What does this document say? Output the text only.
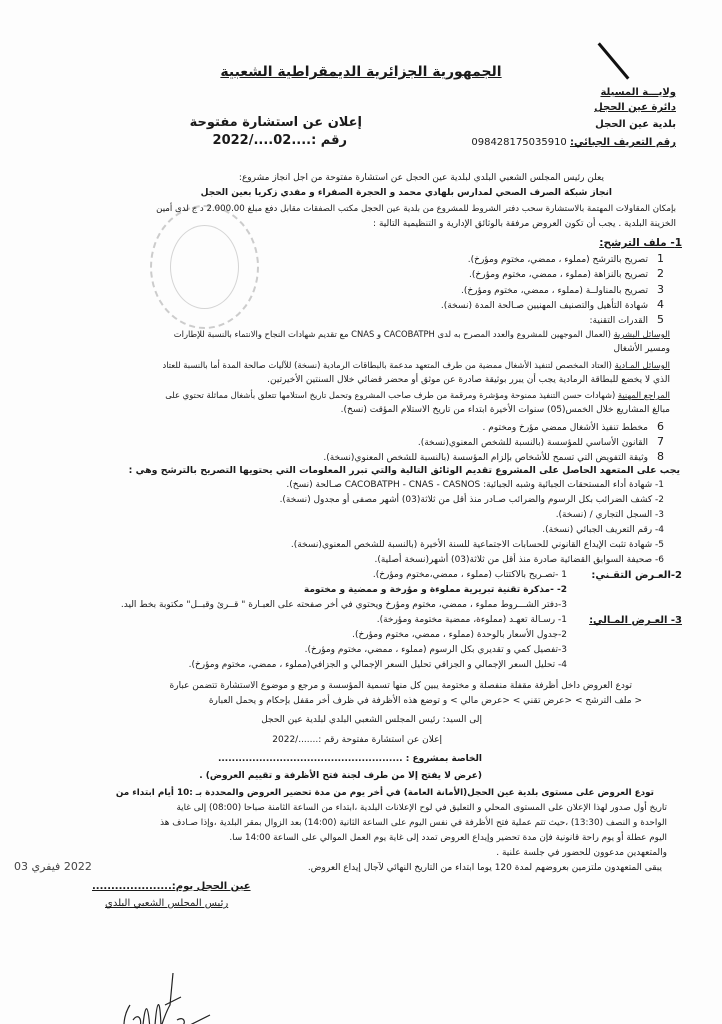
الجمهورية الجزائرية الديمقراطية الشعبية
ولايـــة المسيلة
دائرة عين الحجل
بلدية عين الحجل
رقم التعريف الجبائي: 098428175035910
إعلان عن استشارة مفتوحة
رقم :....02..../2022
يعلن رئيس المجلس الشعبي البلدي لبلدية عين الحجل عن استشارة مفتوحة من اجل انجاز مشروع:
انجاز شبكة الصرف الصحي لمدارس بلهادي محمد و الحجرة الصفراء و مفدي زكريا بعين الحجل
بإمكان المقاولات المهتمة بالاستشارة سحب دفتر الشروط للمشروع من بلدية عين الحجل مكتب الصفقات مقابل دفع مبلغ 2.000.00 د ج لدى أمين
الخزينة البلدية . يجب أن تكون العروض مرفقة بالوثائق الإدارية و التنظيمية التالية :
1- ملف الترشح:
1تصريح بالترشح (مملوء ، ممضي، مختوم ومؤرخ).
2تصريح بالنزاهة (مملوء ، ممضي، مختوم ومؤرخ).
3تصريح بالمناولــة (مملوء ، ممضي، مختوم ومؤرخ).
4شهادة التأهيل والتصنيف المهنيين صـالحة المدة (نسخة).
5القدرات التقنية:
الوسائل البشرية (العمال الموجهين للمشروع والعدد المصرح به لدى CACOBATPH و CNAS مع تقديم شهادات النجاح والانتماء بالنسبة للإطارات
ومسير الأشغال
الوسائل المـادية (العتاد المخصص لتنفيذ الأشغال ممضية من طرف المتعهد مدعمة بالبطاقات الرمادية (نسخة) للآليات صالحة المدة أما بالنسبة للعتاد
الذي لا يخضع للبطاقة الرمادية يجب أن يبرر بوثيقة صادرة عن موثق أو محضر قضائي خلال السنتين الأخيرتين.
المراجع المهنية (شهادات حسن التنفيذ ممنوحة ومؤشرة ومرقمة من طرف صاحب المشروع وتحمل تاريخ استلامها تتعلق بأشغال مماثلة تحتوي على
مبالغ المشاريع خلال الخمس(05) سنوات الأخيرة ابتداء من تاريخ الاستلام المؤقت (نسخ).
6مخطط تنفيذ الأشغال ممضي مؤرخ ومختوم .
7القانون الأساسي للمؤسسة (بالنسبة للشخص المعنوي(نسخة).
8وثيقة التفويض التي تسمح للأشخاص بإلزام المؤسسة (بالنسبة للشخص المعنوي(نسخة).
يجب على المتعهد الحاصل على المشروع تقديم الوثائق التالية والتي تبرر المعلومات التي يحتويها التصريح بالترشح وهي :
1- شهادة أداء المستحقات الجبائية وشبه الجبائية: CACOBATPH - CNAS - CASNOS صـالحة (نسخ).
2- كشف الضرائب بكل الرسوم والضرائب صـادر منذ أقل من ثلاثة(03) أشهر مصفى أو مجدول (نسخة).
3- السجل التجاري / (نسخة).
4- رقم التعريف الجبائي (نسخة).
5- شهادة تثبت الإيداع القانوني للحسابات الاجتماعية للسنة الأخيرة (بالنسبة للشخص المعنوي(نسخة).
6- صحيفة السوابق القضائية صادرة منذ أقل من ثلاثة(03) أشهر(نسخة أصلية).
2-العـرض التقـني:
1 -تصـريح بالاكتتاب (مملوء ، ممضي،مختوم ومؤرخ).
2- -مذكرة تقنية تبريرية مملوءة و مؤرخة و ممضية و مختومة
3-دفتر الشـــروط مملوء ، ممضي، مختوم ومؤرخ ويحتوي في أخر صفحته على العبـارة " قــرئ وقبــل" مكتوبة بخط اليد.
3- العـرض المـالي:
1- رسـالة تعهـد (مملوءة، ممضية مختومة ومؤرخة).
2-جدول الأسعار بالوحدة (مملوء ، ممضي، مختوم ومؤرخ).
3-تفصيل كمي و تقديري بكل الرسوم (مملوء ، ممضي، مختوم ومؤرخ).
4- تحليل السعر الإجمالي و الجزافي تحليل السعر الإجمالي و الجزافي(مملوء ، ممضي، مختوم ومؤرخ).
تودع العروض داخل أظرفة مقفلة منفصلة و مختومة يبين كل منها تسمية المؤسسة و مرجع و موضوع الاستشارة تتضمن عبارة
< ملف الترشح > <عرض تقني > <عرض مالي > و توضع هذه الأظرفة في ظرف أخر مقفل بإحكام و يحمل العبارة
إلى السيد: رئيس المجلس الشعبي البلدي لبلدية عين الحجل
إعلان عن استشارة مفتوحة رقم :......./2022
الخاصة بمشروع : ......................................................
(عرض لا يفتح إلا من طرف لجنة فتح الأظرفة و تقييم العروض) .
تودع العروض على مستوى بلدية عين الحجل(الأمانة العامة) في أخر يوم من مدة تحضير العروض والمحددة بـ :10 أيام ابتداء من
تاريخ أول صدور لهذا الإعلان على المستوى المحلي و التعليق في لوح الإعلانات البلدية ،ابتداء من الساعة الثامنة صباحا (08:00) إلى غاية
الواحدة و النصف (13:30) ،حيث تتم عملية فتح الأظرفة في نفس اليوم على الساعة الثانية (14:00) بعد الزوال بمقر البلدية ،وإذا صـادف هذ
اليوم عطلة أو يوم راحة قانونية فإن مدة تحضير وإيداع العروض تمدد إلى غاية يوم العمل الموالي على الساعة 14:00 سا.
والمتعهدين مدعوون للحضور في جلسة علنية .
يبقى المتعهدون ملتزمين بعروضهم لمدة 120 يوما ابتداء من التاريخ النهائي لآجال إيداع العروض.
2022 فيفري 03
عين الحجل يوم:.....................
رئيس المجلس الشعبي البلدي
